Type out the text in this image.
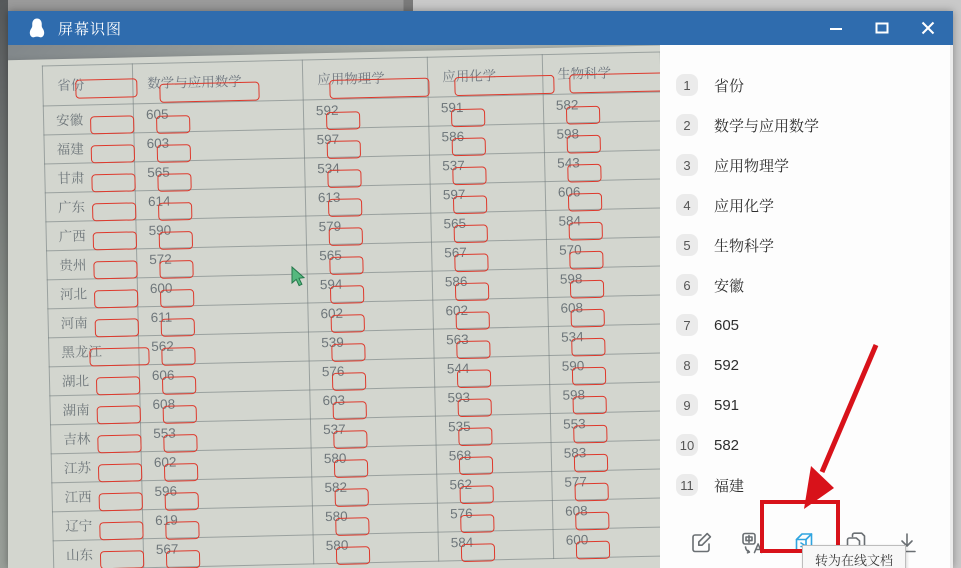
屏幕识图
省份	数学与应用数学	应用物理学	应用化学	生物科学

安徽	605	592	591	582

福建	603	597	586	598

甘肃	565	534	537	543

广东	614	613	597	606

广西	590	579	565	584

贵州	572	565	567	570

河北	600	594	586	598

河南	611	602	602	608

黑龙江	562	539	563	534

湖北	606	576	544	590

湖南	608	603	593	598

吉林	553	537	535	553

江苏	602	580	568	583

江西	596	582	562	577

辽宁	619	580	576	608

山东	567	580	584	600
1	省份
2	数学与应用数学
3	应用物理学
4	应用化学
5	生物科学
6	安徽
7	605
8	592
9	591
10 582
11 福建
转为在线文档
